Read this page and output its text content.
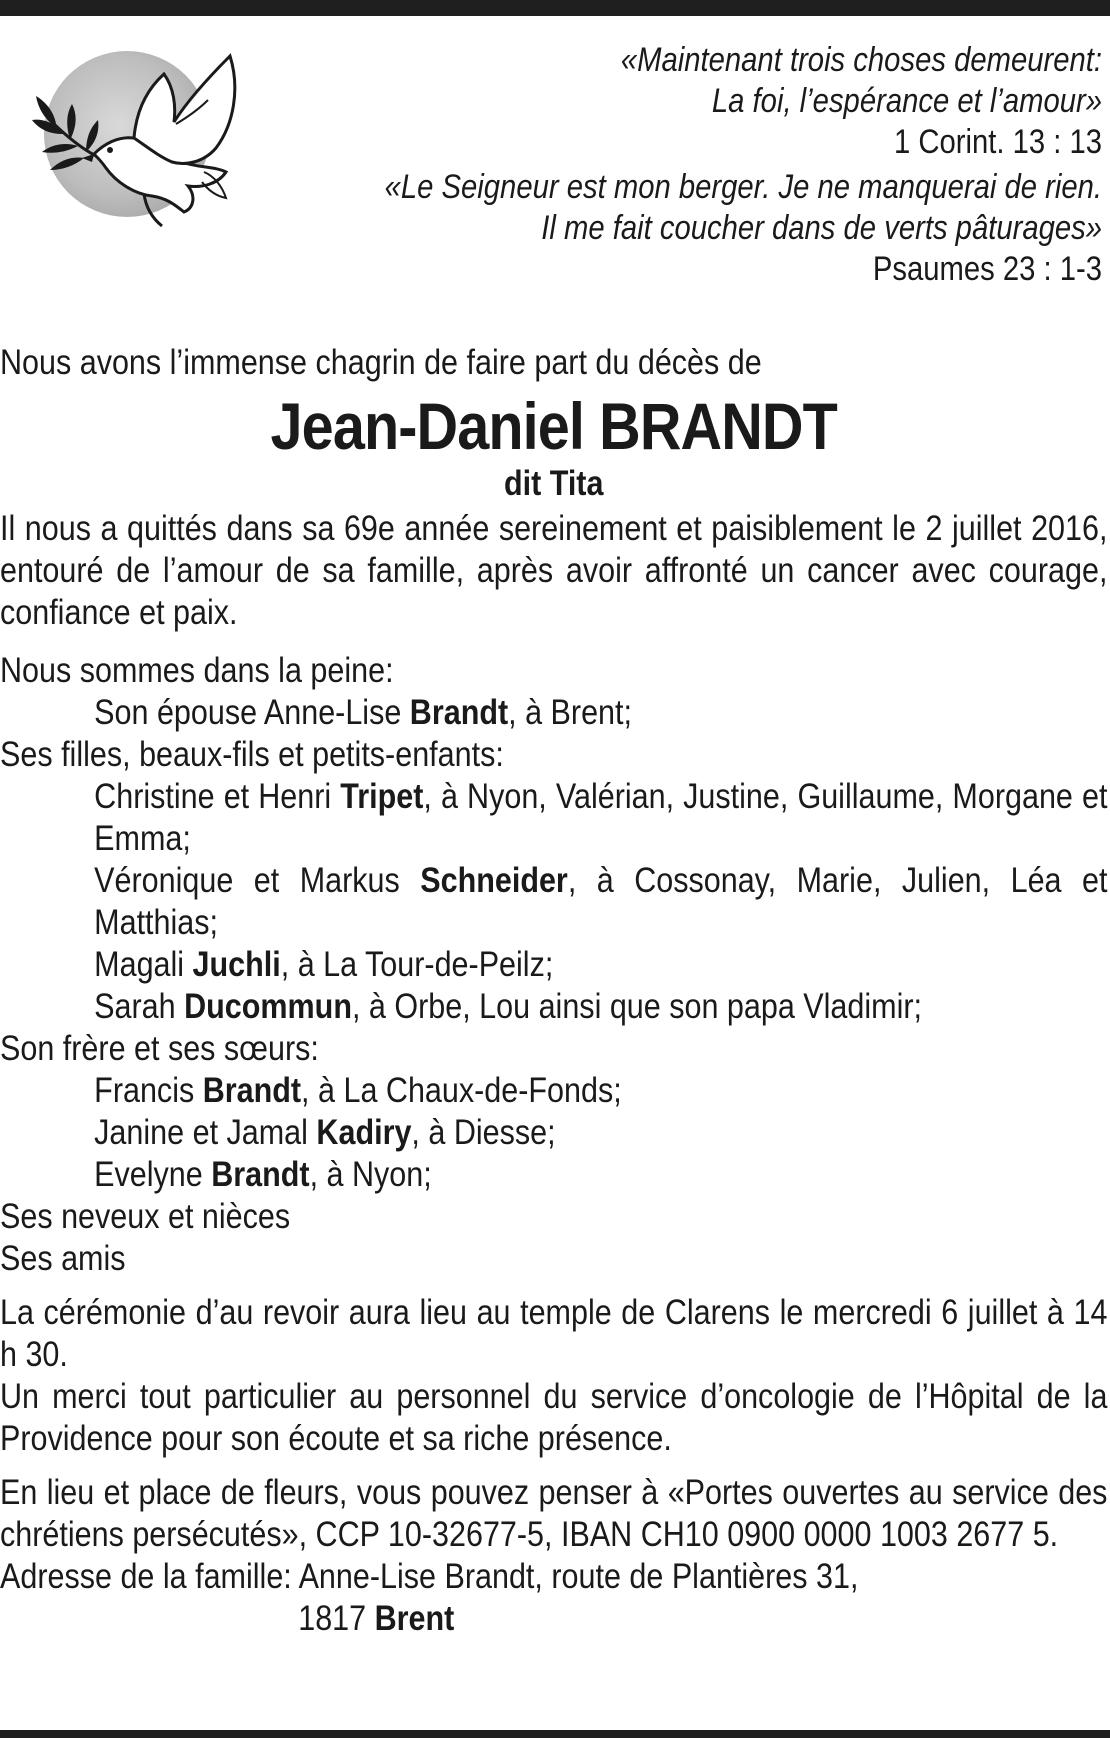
«Maintenant trois choses demeurent:
La foi, l’espérance et l’amour»
1 Corint. 13 : 13
«Le Seigneur est mon berger. Je ne manquerai de rien.
Il me fait coucher dans de verts pâturages»
Psaumes 23 : 1-3
Nous avons l’immense chagrin de faire part du décès de
Jean-Daniel BRANDT
dit Tita
Il nous a quittés dans sa 69e année sereinement et paisiblement le 2 juillet 2016, entouré de l’amour de sa famille, après avoir affronté un cancer avec courage, confiance et paix.
Nous sommes dans la peine:
Son épouse Anne-Lise Brandt, à Brent;
Ses filles, beaux-fils et petits-enfants:
Christine et Henri Tripet, à Nyon, Valérian, Justine, Guillaume, Morgane et Emma;
Véronique et Markus Schneider, à Cossonay, Marie, Julien, Léa et Matthias;
Magali Juchli, à La Tour-de-Peilz;
Sarah Ducommun, à Orbe, Lou ainsi que son papa Vladimir;
Son frère et ses sœurs:
Francis Brandt, à La Chaux-de-Fonds;
Janine et Jamal Kadiry, à Diesse;
Evelyne Brandt, à Nyon;
Ses neveux et nièces
Ses amis
La cérémonie d’au revoir aura lieu au temple de Clarens le mercredi 6 juillet à 14 h 30.
Un merci tout particulier au personnel du service d’oncologie de l’Hôpital de la Providence pour son écoute et sa riche présence.
En lieu et place de fleurs, vous pouvez penser à «Portes ouvertes au service des chrétiens persécutés», CCP 10-32677-5, IBAN CH10 0900 0000 1003 2677 5.
Adresse de la famille: Anne-Lise Brandt, route de Plantières 31,
1817 Brent
